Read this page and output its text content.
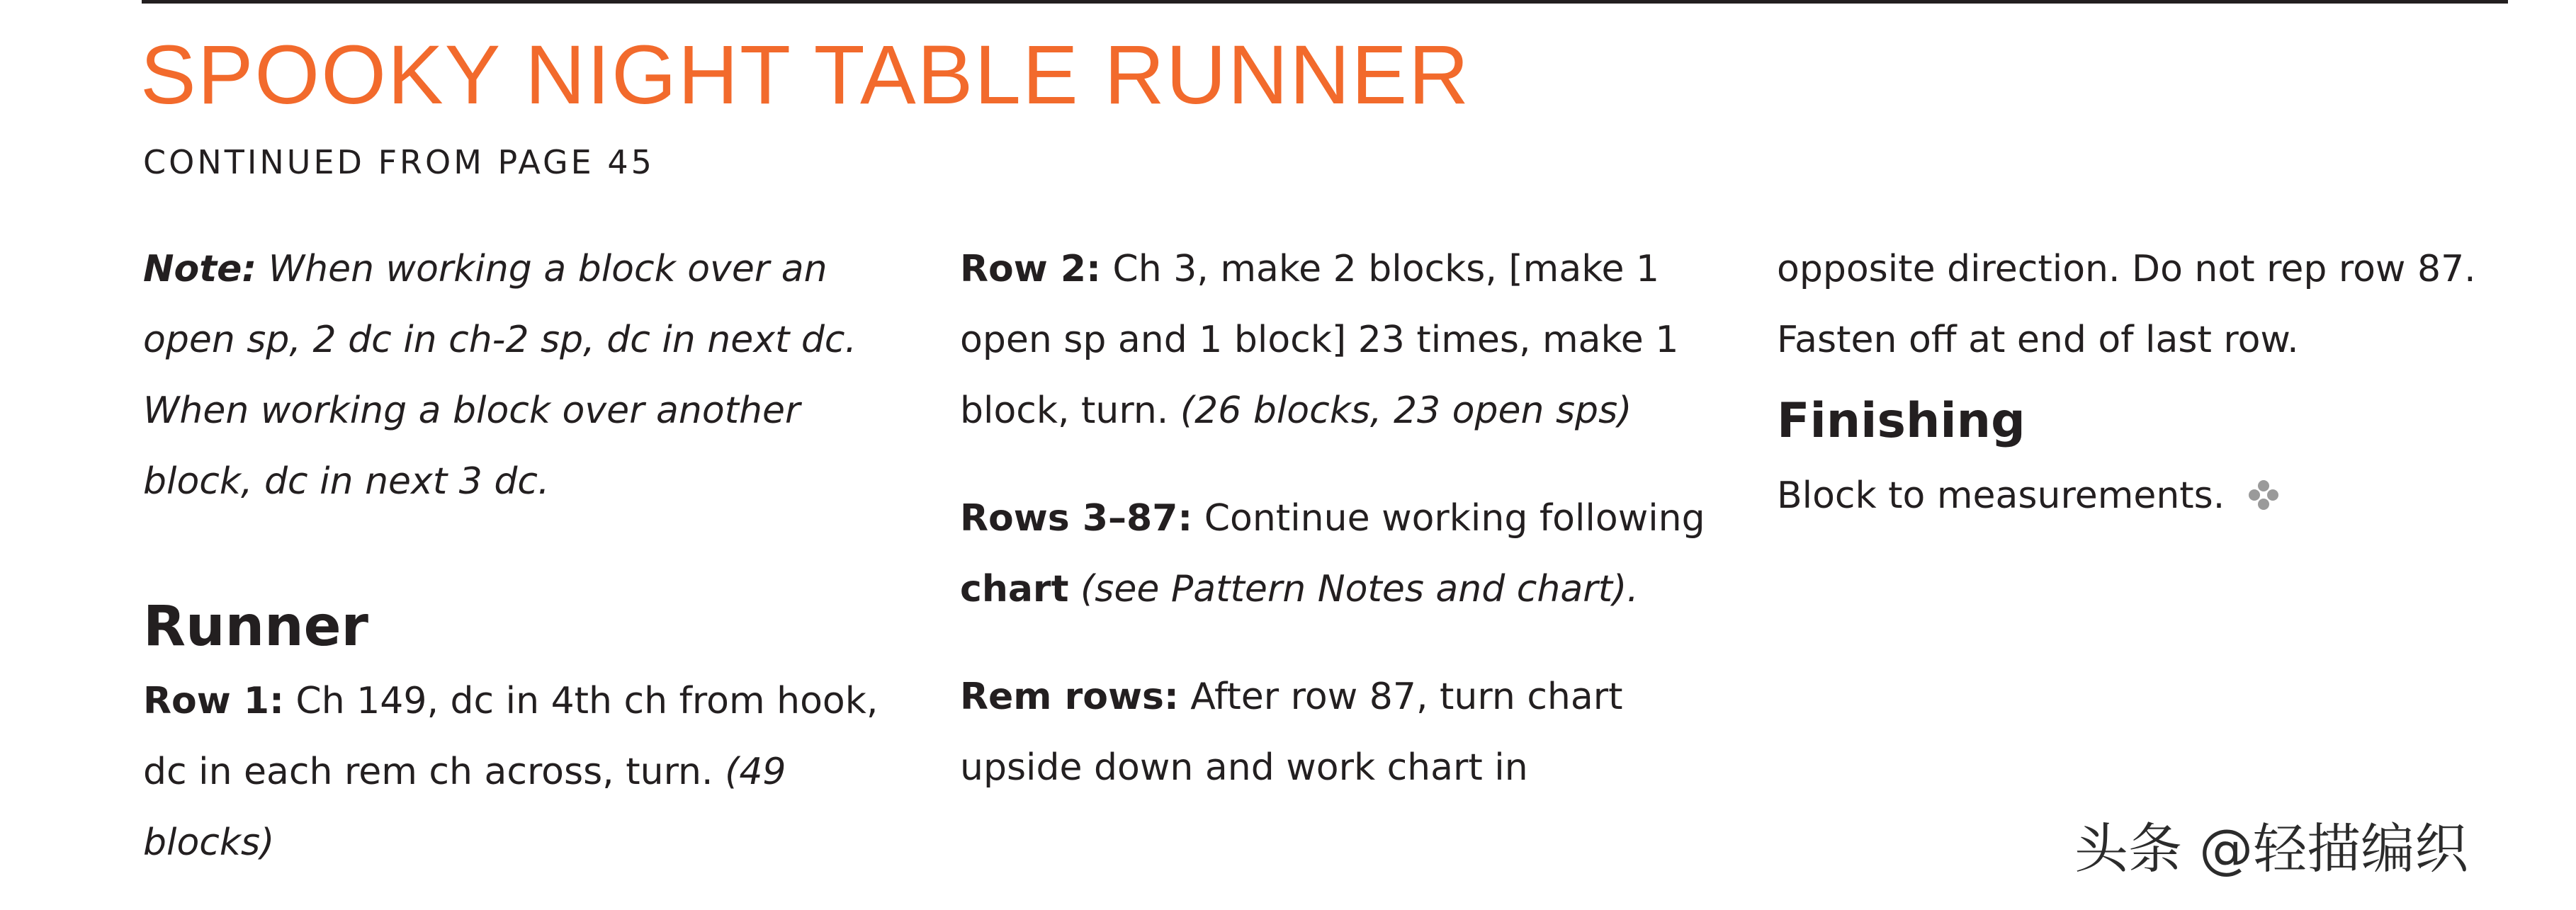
SPOOKY NIGHT TABLE RUNNER
CONTINUED FROM PAGE 45

Note: When working a block over an open sp, 2 dc in ch-2 sp, dc in next dc. When working a block over another block, dc in next 3 dc.

Runner

Row 1: Ch 149, dc in 4th ch from hook, dc in each rem ch across, turn. (49 blocks)

Row 2: Ch 3, make 2 blocks, [make 1 open sp and 1 block] 23 times, make 1 block, turn. (26 blocks, 23 open sps)

Rows 3–87: Continue working following chart (see Pattern Notes and chart).

Rem rows: After row 87, turn chart upside down and work chart in

opposite direction. Do not rep row 87. Fasten off at end of last row.

Finishing

Block to measurements.

头条 @轻描编织
